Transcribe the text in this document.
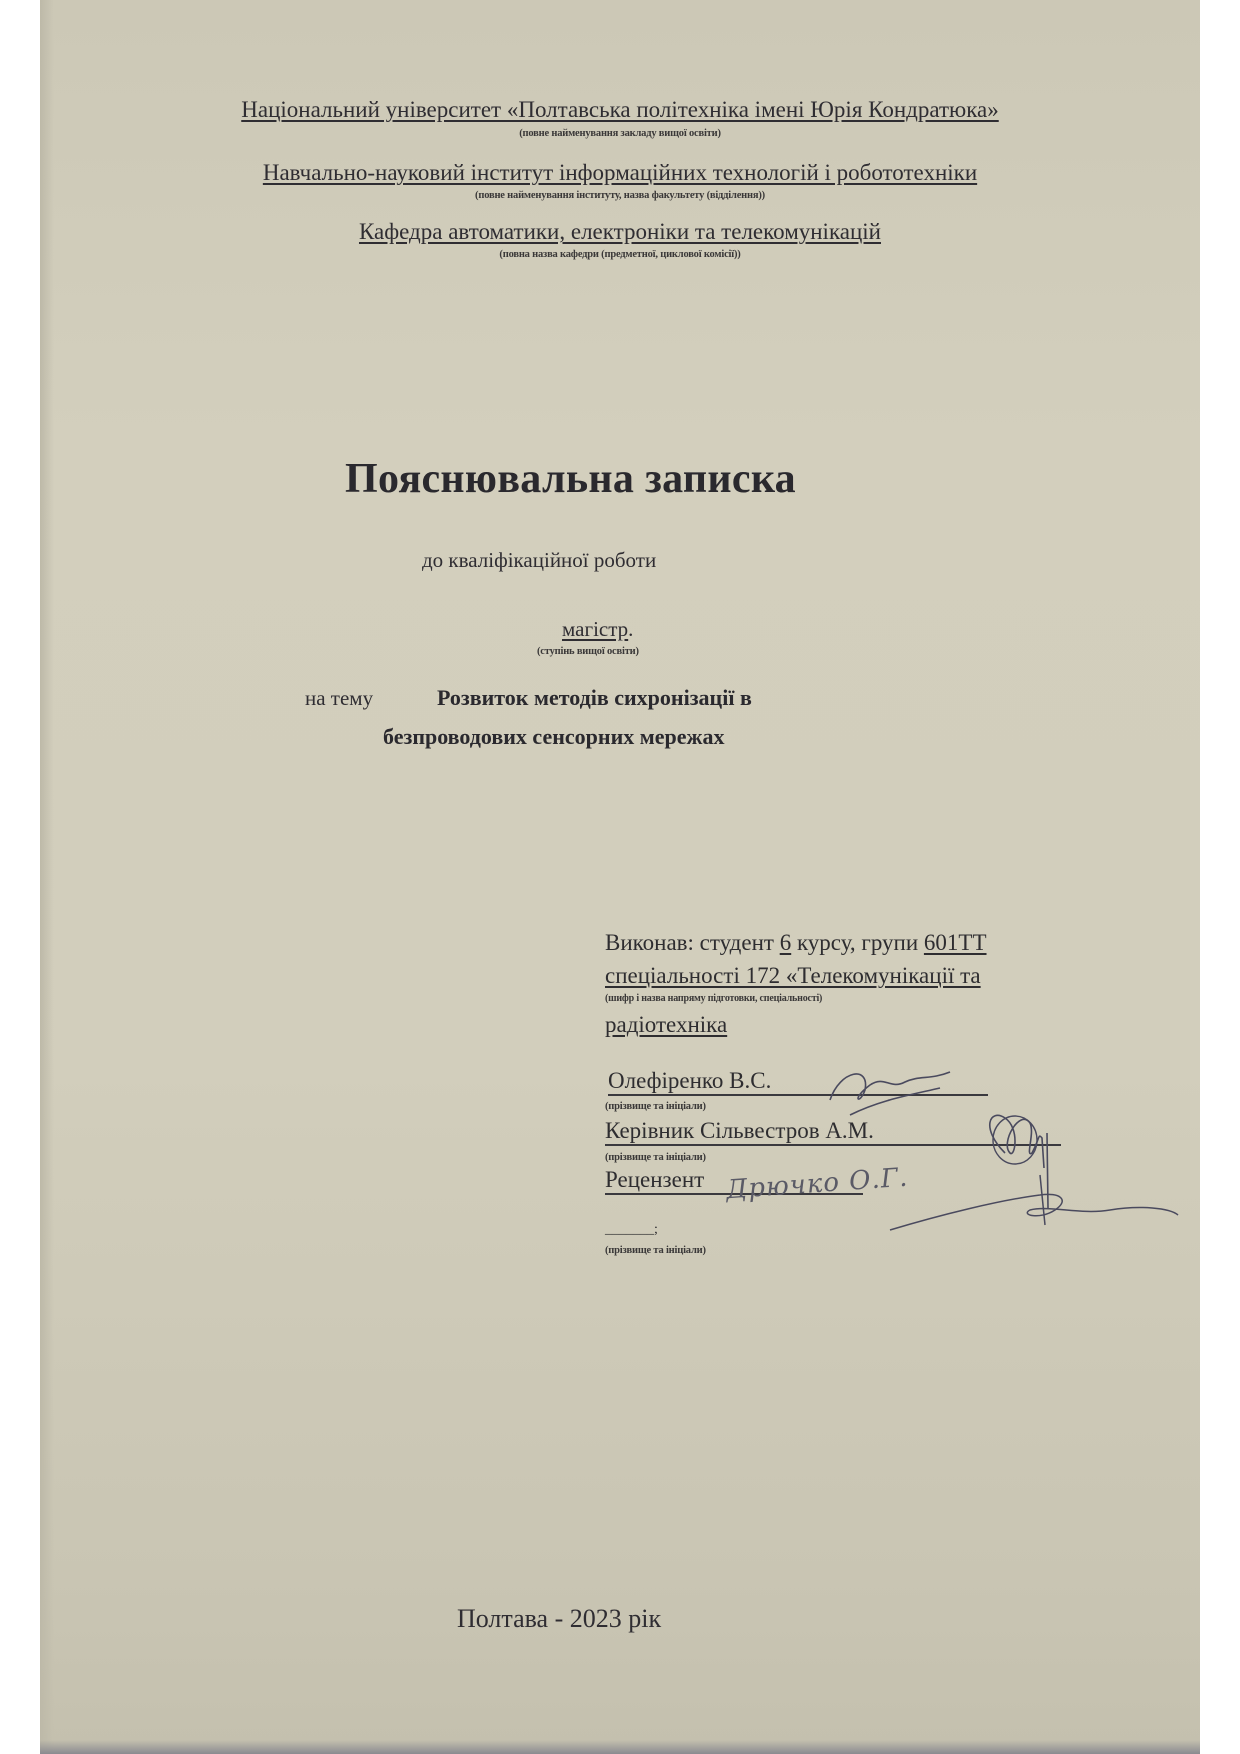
Національний університет «Полтавська політехніка імені Юрія Кондратюка»
(повне найменування закладу вищої освіти)
Навчально-науковий інститут інформаційних технологій і робототехніки
(повне найменування інституту, назва факультету (відділення))
Кафедра автоматики, електроніки та телекомунікацій
(повна назва кафедри (предметної, циклової комісії))
Пояснювальна записка
до кваліфікаційної роботи
магістр.
(ступінь вищої освіти)
на тему	Розвиток методів сихронізації в
безпроводових сенсорних мережах
Виконав: студент 6 курсу, групи 601ТТ
спеціальності 172 «Телекомунікації та
(шифр і назва напряму підготовки, спеціальності)
радіотехніка
Олефіренко В.С.
(прізвище та ініціали)
Керівник Сільвестров А.М.
(прізвище та ініціали)
Рецензент Дрючко О.Г.
_______;
(прізвище та ініціали)
Полтава - 2023 рік
